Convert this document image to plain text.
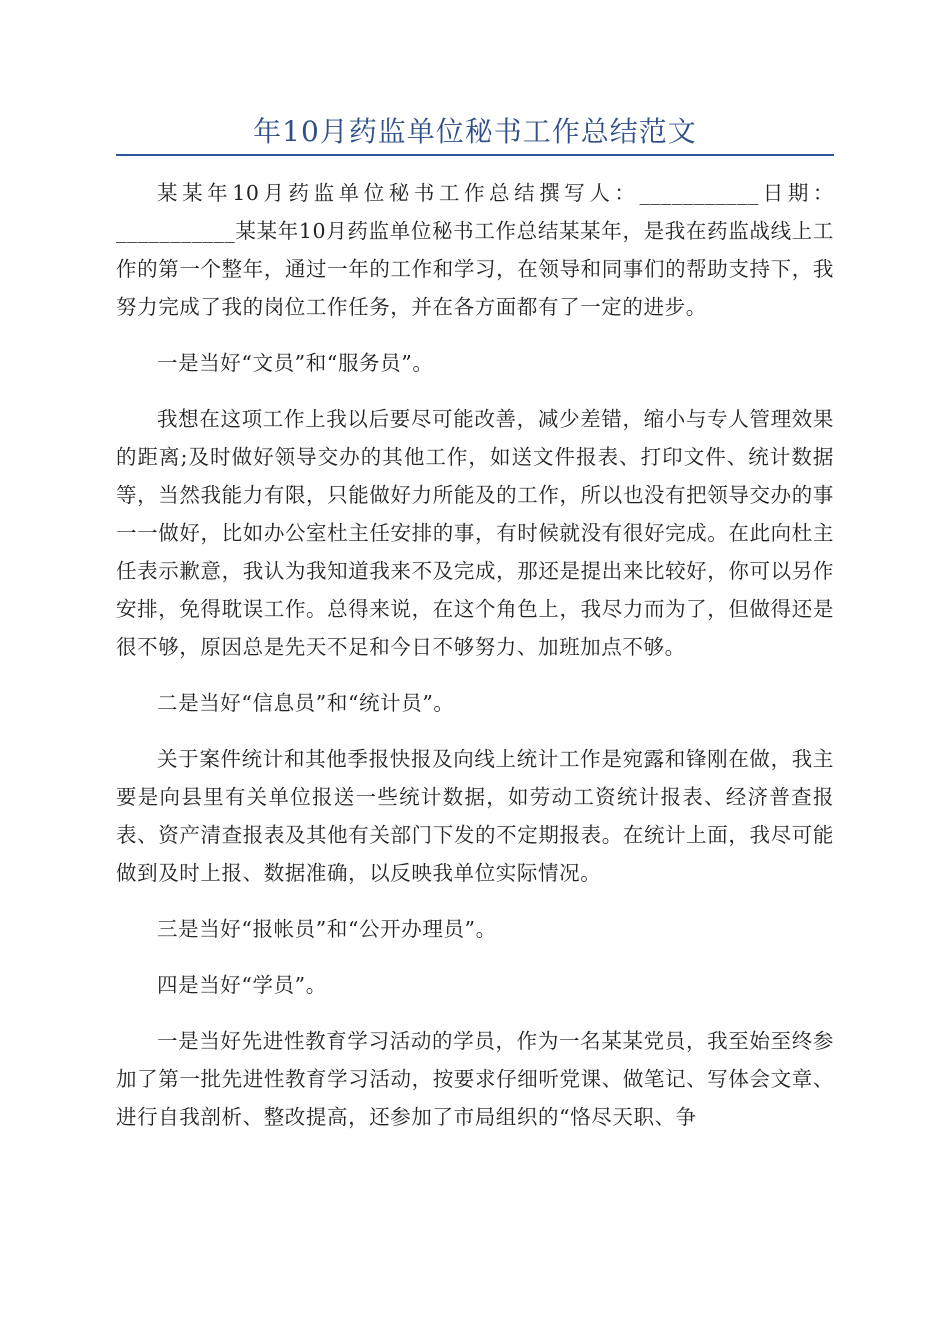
年10月药监单位秘书工作总结范文

某某年10月药监单位秘书工作总结撰写人：___________日期：___________某某年10月药监单位秘书工作总结某某年，是我在药监战线上工作的第一个整年，通过一年的工作和学习，在领导和同事们的帮助支持下，我努力完成了我的岗位工作任务，并在各方面都有了一定的进步。

一是当好“文员”和“服务员”。

我想在这项工作上我以后要尽可能改善，减少差错，缩小与专人管理效果的距离;及时做好领导交办的其他工作，如送文件报表、打印文件、统计数据等，当然我能力有限，只能做好力所能及的工作，所以也没有把领导交办的事一一做好，比如办公室杜主任安排的事，有时候就没有很好完成。在此向杜主任表示歉意，我认为我知道我来不及完成，那还是提出来比较好，你可以另作安排，免得耽误工作。总得来说，在这个角色上，我尽力而为了，但做得还是很不够，原因总是先天不足和今日不够努力、加班加点不够。

二是当好“信息员”和“统计员”。

关于案件统计和其他季报快报及向线上统计工作是宛露和锋刚在做，我主要是向县里有关单位报送一些统计数据，如劳动工资统计报表、经济普查报表、资产清查报表及其他有关部门下发的不定期报表。在统计上面，我尽可能做到及时上报、数据准确，以反映我单位实际情况。

三是当好“报帐员”和“公开办理员”。

四是当好“学员”。

一是当好先进性教育学习活动的学员，作为一名某某党员，我至始至终参加了第一批先进性教育学习活动，按要求仔细听党课、做笔记、写体会文章、进行自我剖析、整改提高，还参加了市局组织的“恪尽天职、争
